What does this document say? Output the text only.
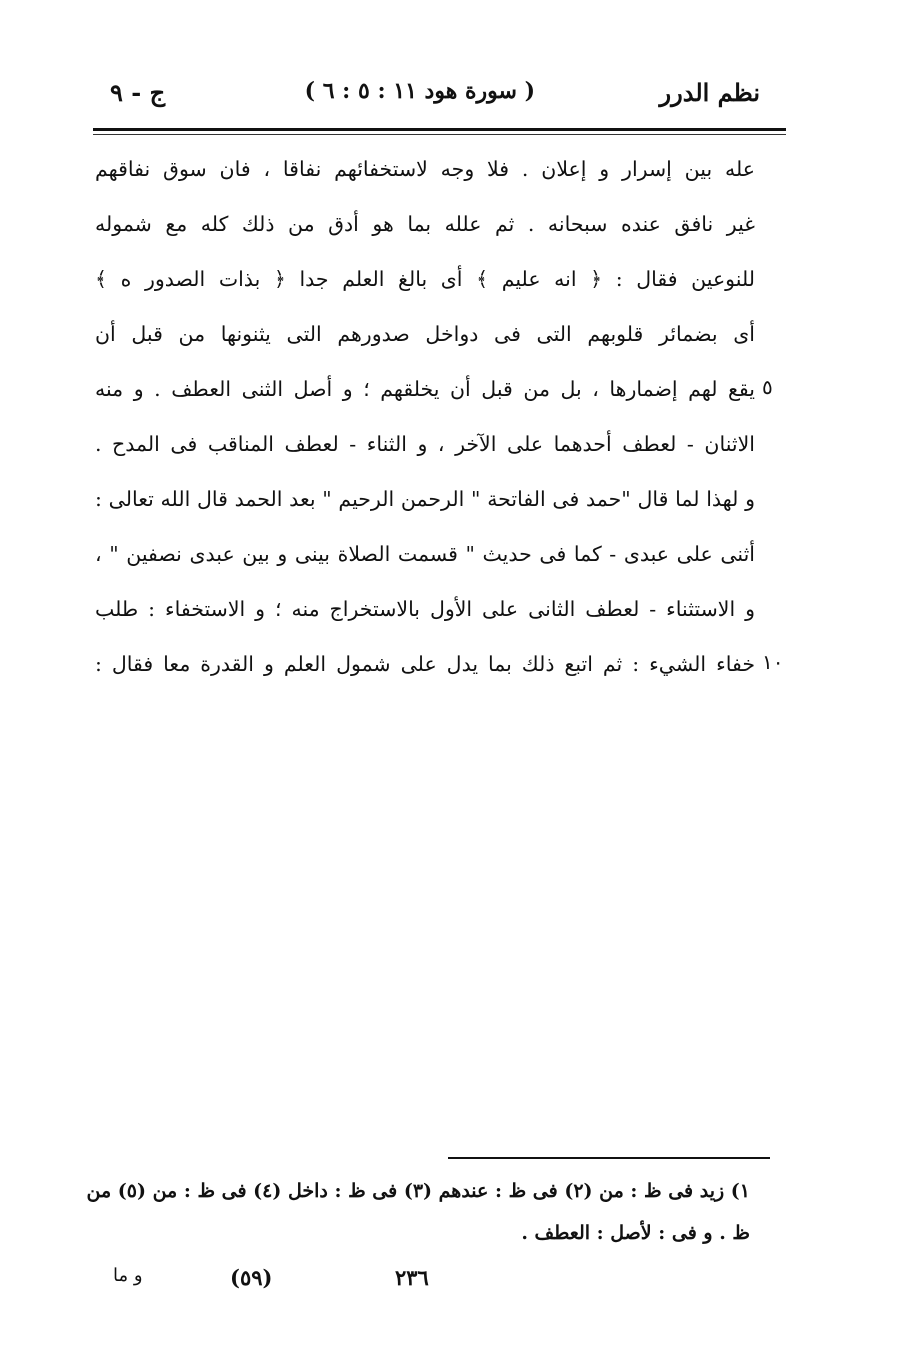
نظم الدرر
( سورة هود ١١ : ٥ : ٦ )
ج - ٩
عله بين إسرار و إعلان . فلا وجه لاستخفائهم نفاقا ، فان سوق نفاقهم
غير نافق عنده سبحانه . ثم علله بما هو أدق من ذلك كله مع شموله
للنوعين فقال : ﴿ انه عليم ﴾ أى بالغ العلم جدا ﴿ بذات الصدور ه ﴾
أى بضمائر قلوبهم التى فى دواخل صدورهم التى يثنونها من قبل أن
يقع لهم إضمارها ، بل من قبل أن يخلقهم ؛ و أصل الثنى العطف . و منه
الاثنان - لعطف أحدهما على الآخر ، و الثناء - لعطف المناقب فى المدح .
و لهذا لما قال "حمد فى الفاتحة " الرحمن الرحيم " بعد الحمد قال الله تعالى :
أثنى على عبدى - كما فى حديث " قسمت الصلاة بينى و بين عبدى نصفين " ،
و الاستثناء - لعطف الثانى على الأول بالاستخراج منه ؛ و الاستخفاء : طلب
خفاء الشيء : ثم اتبع ذلك بما يدل على شمول العلم و القدرة معا فقال :
٥
١٠
١) زيد فى ظ : من (٢) فى ظ : عندهم (٣) فى ظ : داخل (٤) فى ظ : من (٥) من
ظ . و فى : لأصل : العطف .
٢٣٦
(٥٩)
و ما
